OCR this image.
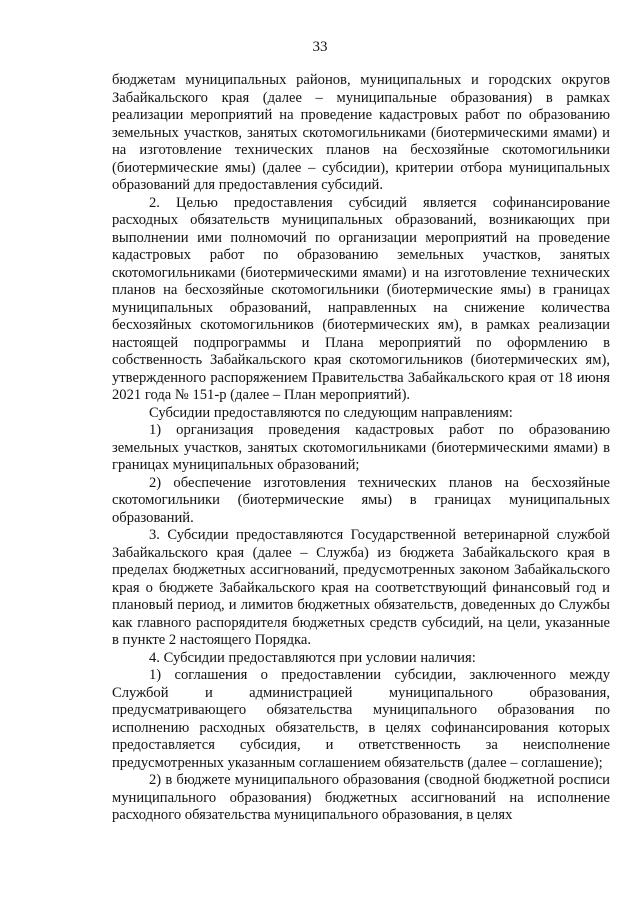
33

бюджетам муниципальных районов, муниципальных и городских округов Забайкальского края (далее – муниципальные образования) в рамках реализации мероприятий на проведение кадастровых работ по образованию земельных участков, занятых скотомогильниками (биотермическими ямами) и на изготовление технических планов на бесхозяйные скотомогильники (биотермические ямы) (далее – субсидии), критерии отбора муниципальных образований для предоставления субсидий.

2. Целью предоставления субсидий является софинансирование расходных обязательств муниципальных образований, возникающих при выполнении ими полномочий по организации мероприятий на проведение кадастровых работ по образованию земельных участков, занятых скотомогильниками (биотермическими ямами) и на изготовление технических планов на бесхозяйные скотомогильники (биотермические ямы) в границах муниципальных образований, направленных на снижение количества бесхозяйных скотомогильников (биотермических ям), в рамках реализации настоящей подпрограммы и Плана мероприятий по оформлению в собственность Забайкальского края скотомогильников (биотермических ям), утвержденного распоряжением Правительства Забайкальского края от 18 июня 2021 года № 151-р (далее – План мероприятий).

Субсидии предоставляются по следующим направлениям:

1) организация проведения кадастровых работ по образованию земельных участков, занятых скотомогильниками (биотермическими ямами) в границах муниципальных образований;

2) обеспечение изготовления технических планов на бесхозяйные скотомогильники (биотермические ямы) в границах муниципальных образований.

3. Субсидии предоставляются Государственной ветеринарной службой Забайкальского края (далее – Служба) из бюджета Забайкальского края в пределах бюджетных ассигнований, предусмотренных законом Забайкальского края о бюджете Забайкальского края на соответствующий финансовый год и плановый период, и лимитов бюджетных обязательств, доведенных до Службы как главного распорядителя бюджетных средств субсидий, на цели, указанные в пункте 2 настоящего Порядка.

4. Субсидии предоставляются при условии наличия:

1) соглашения о предоставлении субсидии, заключенного между Службой и администрацией муниципального образования, предусматривающего обязательства муниципального образования по исполнению расходных обязательств, в целях софинансирования которых предоставляется субсидия, и ответственность за неисполнение предусмотренных указанным соглашением обязательств (далее – соглашение);

2) в бюджете муниципального образования (сводной бюджетной росписи муниципального образования) бюджетных ассигнований на исполнение расходного обязательства муниципального образования, в целях
